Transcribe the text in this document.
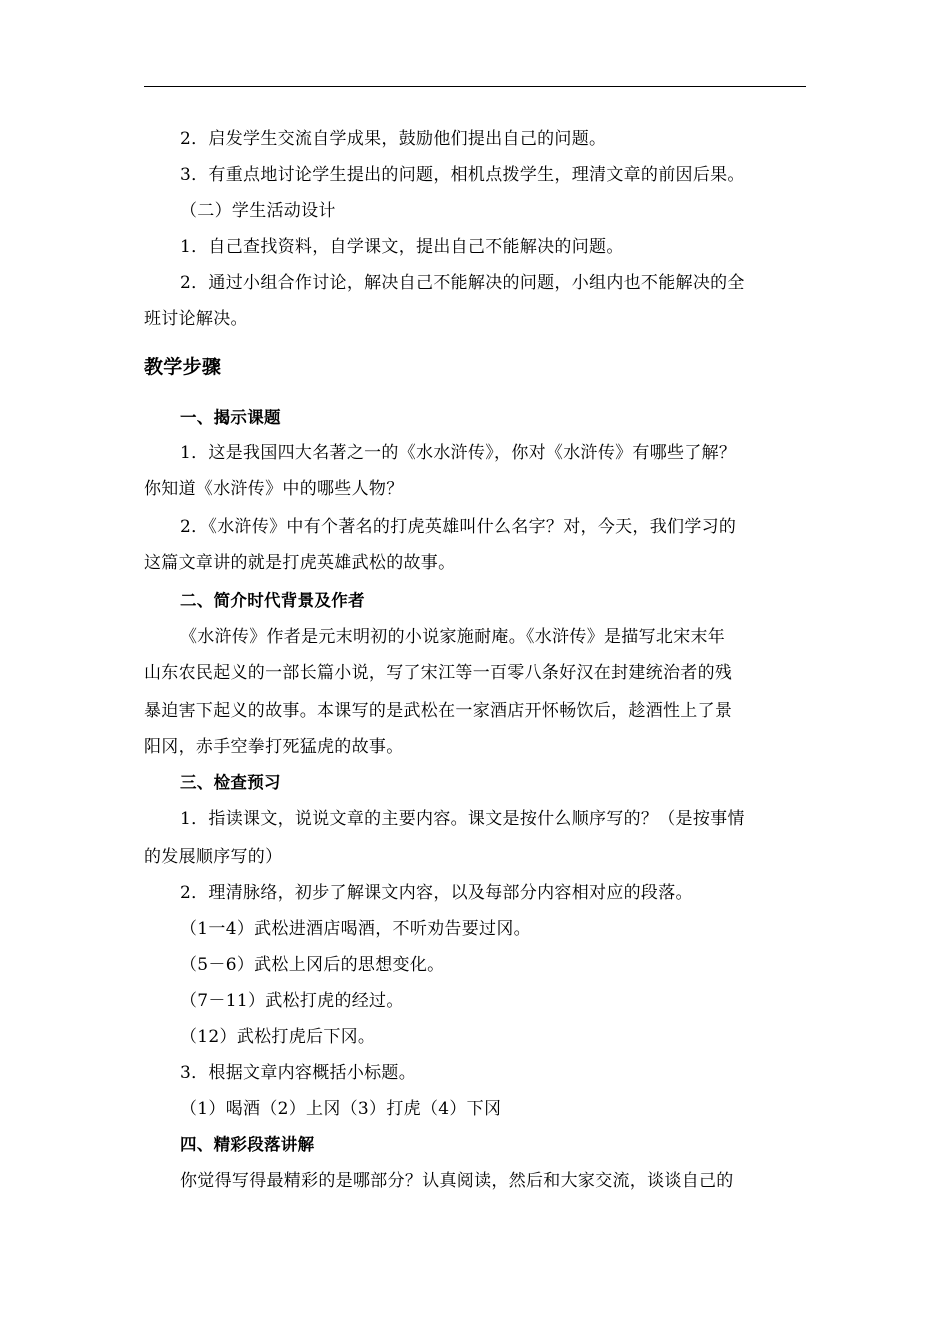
2．启发学生交流自学成果，鼓励他们提出自己的问题。
3．有重点地讨论学生提出的问题，相机点拨学生，理清文章的前因后果。
（二）学生活动设计
1．自己查找资料，自学课文，提出自己不能解决的问题。
2．通过小组合作讨论，解决自己不能解决的问题，小组内也不能解决的全
班讨论解决。
教学步骤
一、揭示课题
1．这是我国四大名著之一的《水水浒传》，你对《水浒传》有哪些了解？
你知道《水浒传》中的哪些人物？
2．《水浒传》中有个著名的打虎英雄叫什么名字？对，今天，我们学习的
这篇文章讲的就是打虎英雄武松的故事。
二、简介时代背景及作者
《水浒传》作者是元末明初的小说家施耐庵。《水浒传》是描写北宋末年
山东农民起义的一部长篇小说，写了宋江等一百零八条好汉在封建统治者的残
暴迫害下起义的故事。本课写的是武松在一家酒店开怀畅饮后，趁酒性上了景
阳冈，赤手空拳打死猛虎的故事。
三、检查预习
1．指读课文，说说文章的主要内容。课文是按什么顺序写的？（是按事情
的发展顺序写的）
2．理清脉络，初步了解课文内容，以及每部分内容相对应的段落。
（1一4）武松进酒店喝酒，不听劝告要过冈。
（5－6）武松上冈后的思想变化。
（7－11）武松打虎的经过。
（12）武松打虎后下冈。
3．根据文章内容概括小标题。
（1）喝酒（2）上冈（3）打虎（4）下冈
四、精彩段落讲解
你觉得写得最精彩的是哪部分？认真阅读，然后和大家交流，谈谈自己的
